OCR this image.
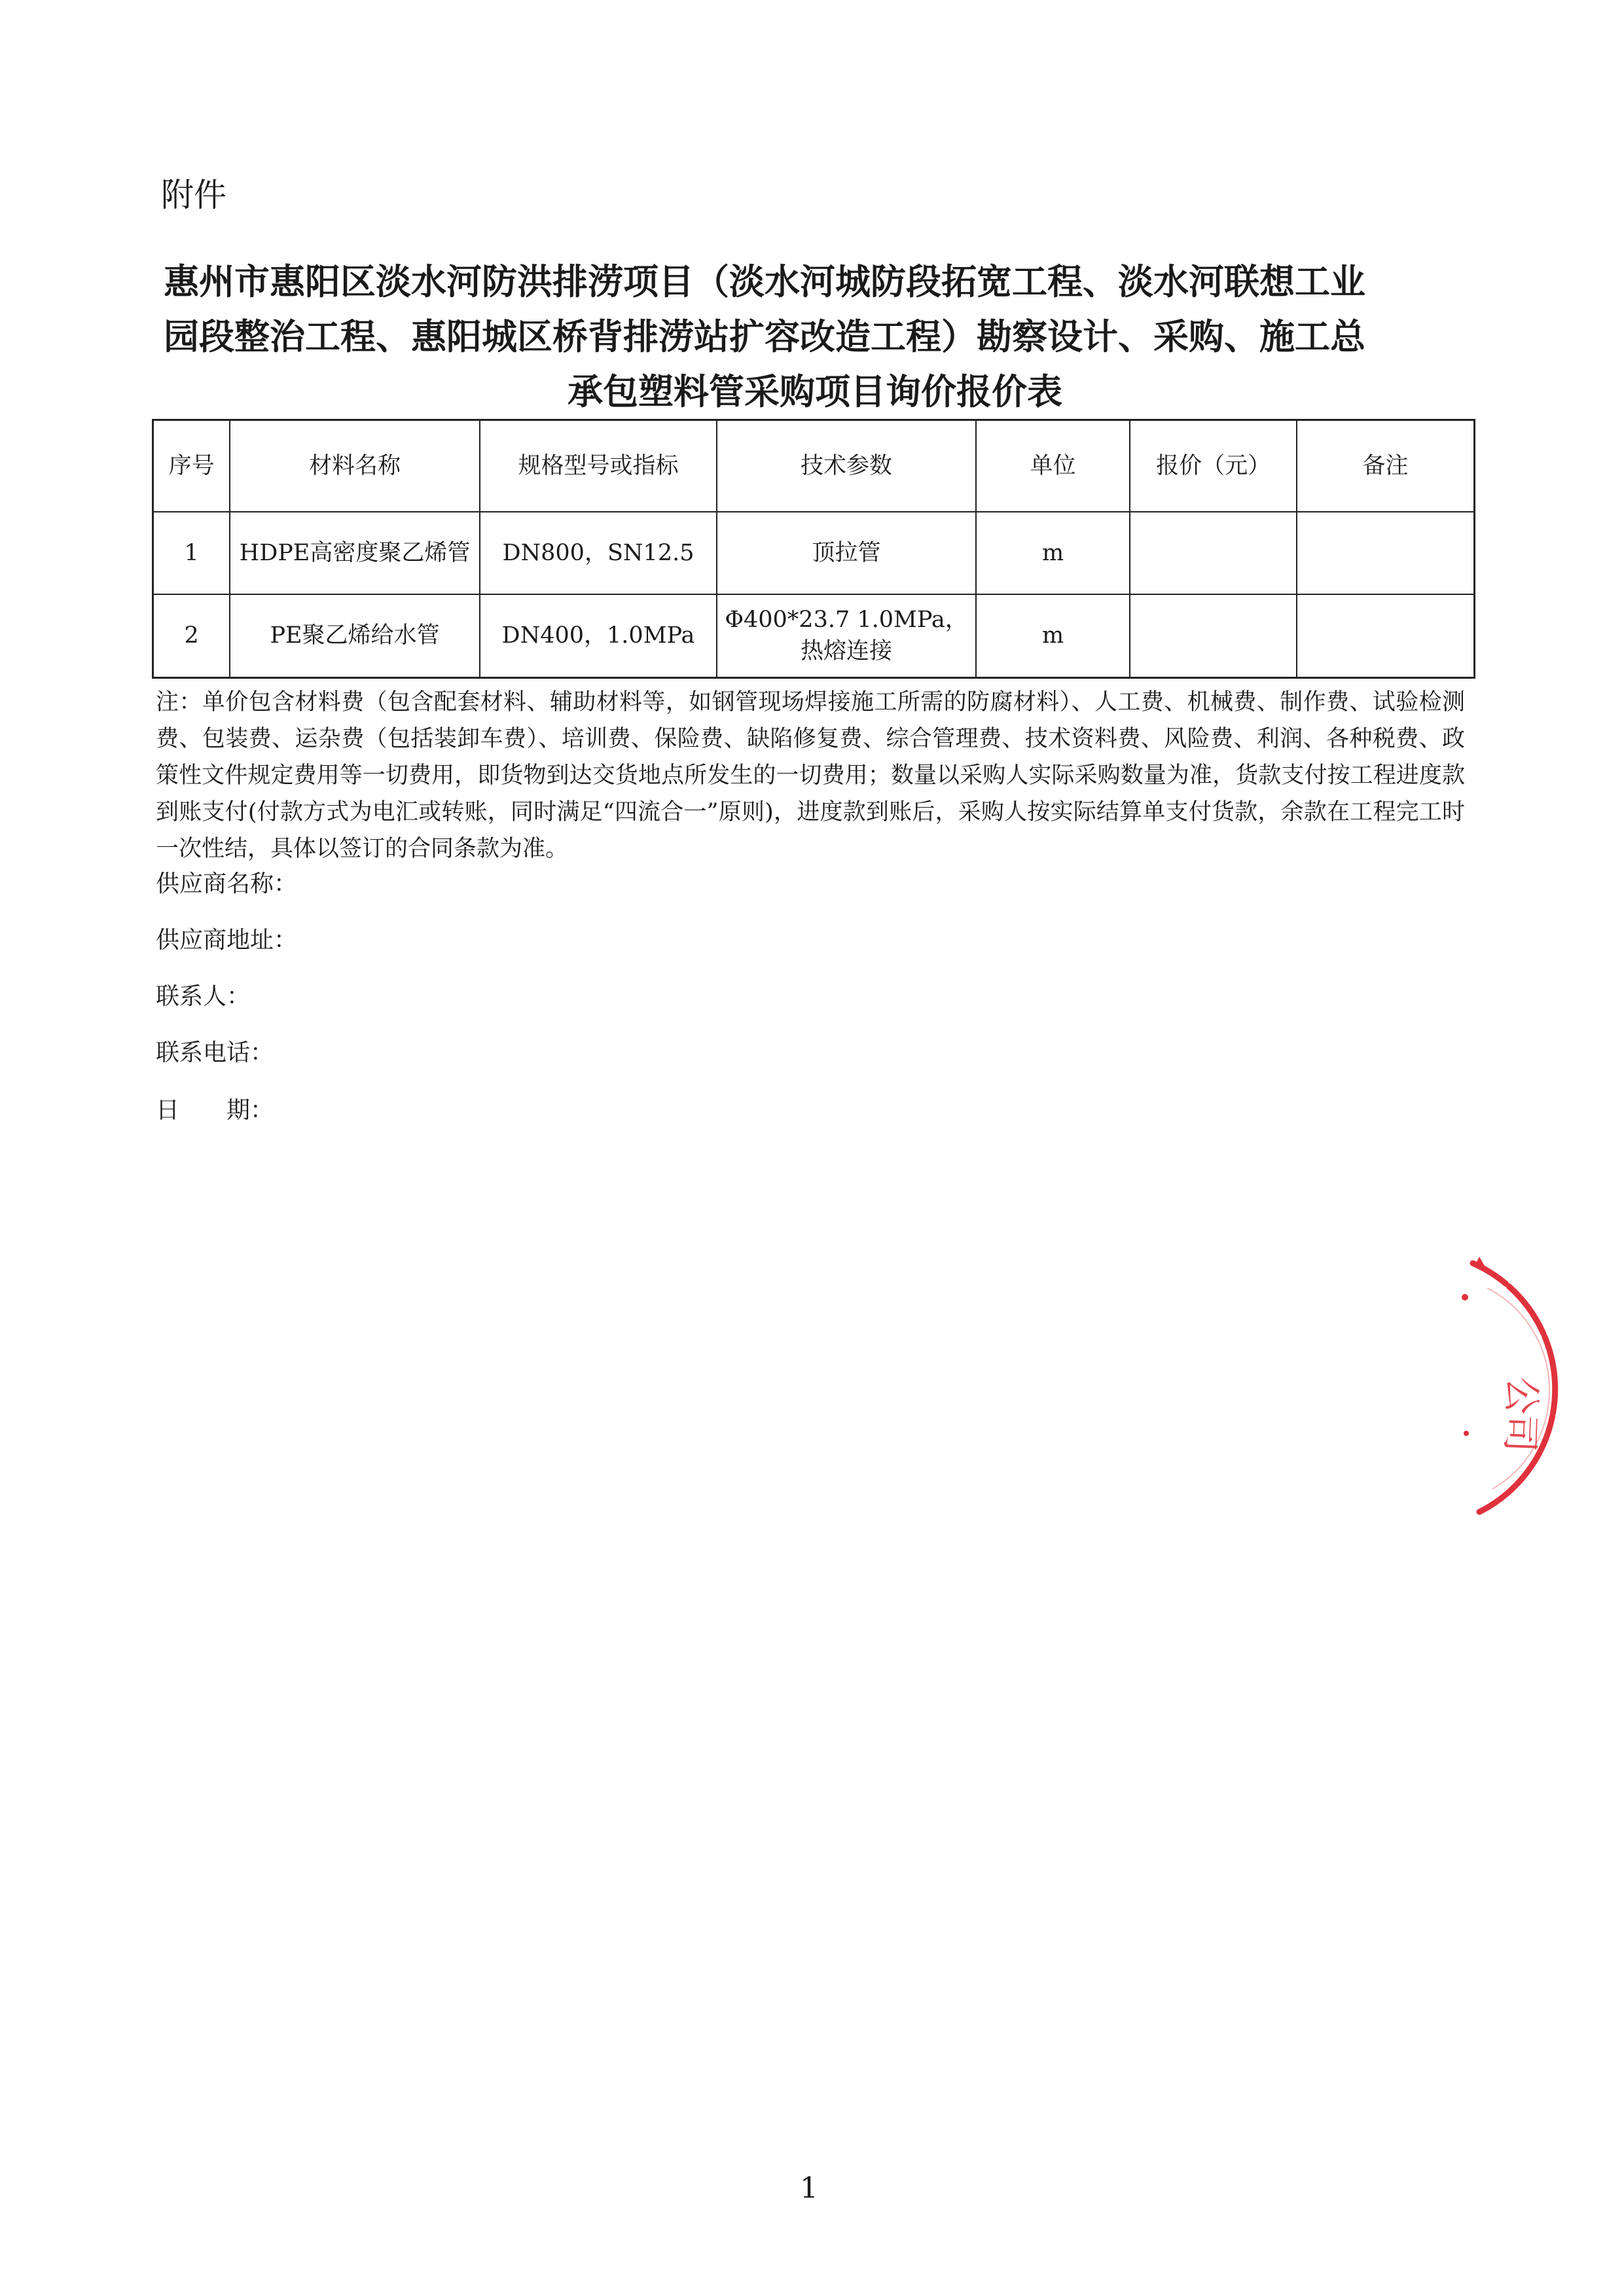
附件
惠州市惠阳区淡水河防洪排涝项目（淡水河城防段拓宽工程、淡水河联想工业
园段整治工程、惠阳城区桥背排涝站扩容改造工程）勘察设计、采购、施工总
承包塑料管采购项目询价报价表
序号	材料名称	规格型号或指标	技术参数	单位	报价（元）	备注
1	HDPE高密度聚乙烯管	DN800，SN12.5	顶拉管	m		
2	PE聚乙烯给水管	DN400，1.0MPa	Φ400*23.7 1.0MPa，
热熔连接	m		
注：单价包含材料费（包含配套材料、辅助材料等，如钢管现场焊接施工所需的防腐材料）、人工费、机械费、制作费、试验检测费、包装费、运杂费（包括装卸车费）、培训费、保险费、缺陷修复费、综合管理费、技术资料费、风险费、利润、各种税费、政策性文件规定费用等一切费用，即货物到达交货地点所发生的一切费用；数量以采购人实际采购数量为准，货款支付按工程进度款到账支付(付款方式为电汇或转账，同时满足“四流合一”原则)，进度款到账后，采购人按实际结算单支付货款，余款在工程完工时一次性结，具体以签订的合同条款为准。
供应商名称：
供应商地址：
联系人：
联系电话：
日　　期：
公司
1
